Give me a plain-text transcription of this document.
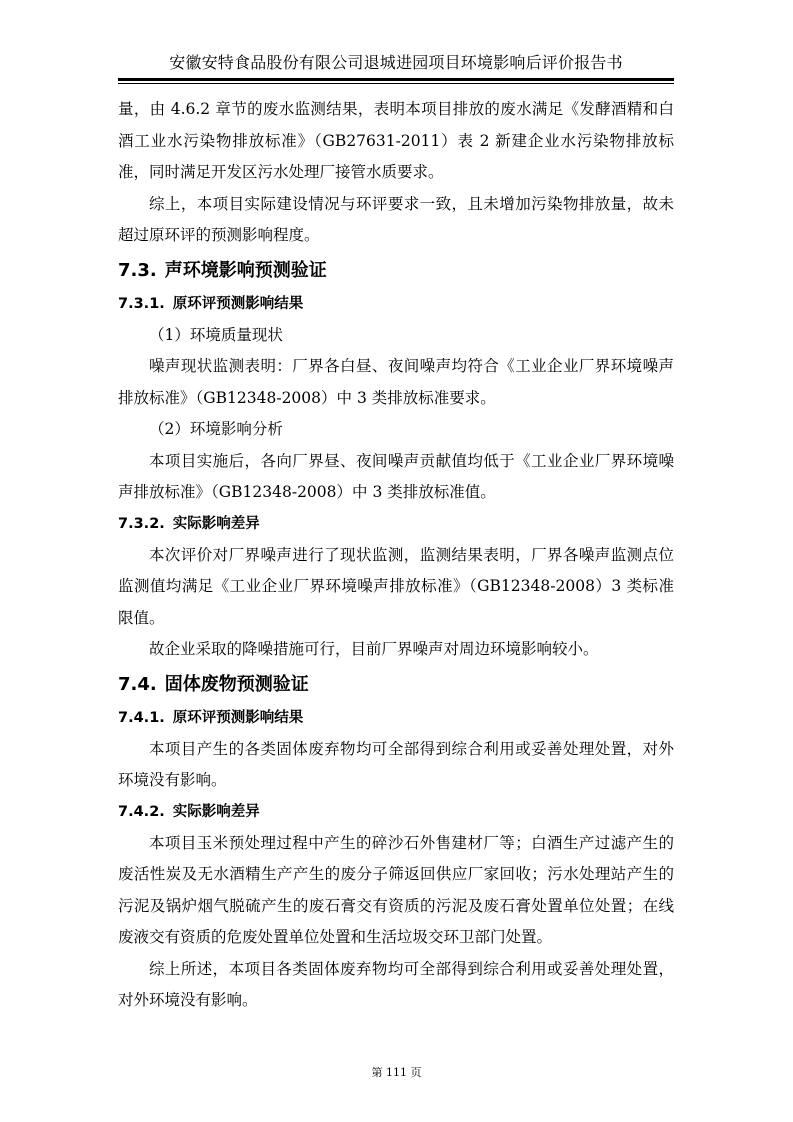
安徽安特食品股份有限公司退城进园项目环境影响后评价报告书

量，由 4.6.2 章节的废水监测结果，表明本项目排放的废水满足《发酵酒精和白酒工业水污染物排放标准》（GB27631-2011）表 2 新建企业水污染物排放标准，同时满足开发区污水处理厂接管水质要求。

综上，本项目实际建设情况与环评要求一致，且未增加污染物排放量，故未超过原环评的预测影响程度。

7.3. 声环境影响预测验证
7.3.1. 原环评预测影响结果

（1）环境质量现状

噪声现状监测表明：厂界各白昼、夜间噪声均符合《工业企业厂界环境噪声排放标准》（GB12348-2008）中 3 类排放标准要求。

（2）环境影响分析

本项目实施后，各向厂界昼、夜间噪声贡献值均低于《工业企业厂界环境噪声排放标准》（GB12348-2008）中 3 类排放标准值。

7.3.2. 实际影响差异

本次评价对厂界噪声进行了现状监测，监测结果表明，厂界各噪声监测点位监测值均满足《工业企业厂界环境噪声排放标准》（GB12348-2008）3 类标准限值。

故企业采取的降噪措施可行，目前厂界噪声对周边环境影响较小。

7.4. 固体废物预测验证
7.4.1. 原环评预测影响结果

本项目产生的各类固体废弃物均可全部得到综合利用或妥善处理处置，对外环境没有影响。

7.4.2. 实际影响差异

本项目玉米预处理过程中产生的碎沙石外售建材厂等；白酒生产过滤产生的废活性炭及无水酒精生产产生的废分子筛返回供应厂家回收；污水处理站产生的污泥及锅炉烟气脱硫产生的废石膏交有资质的污泥及废石膏处置单位处置；在线废液交有资质的危废处置单位处置和生活垃圾交环卫部门处置。

综上所述，本项目各类固体废弃物均可全部得到综合利用或妥善处理处置，对外环境没有影响。

第 111 页
